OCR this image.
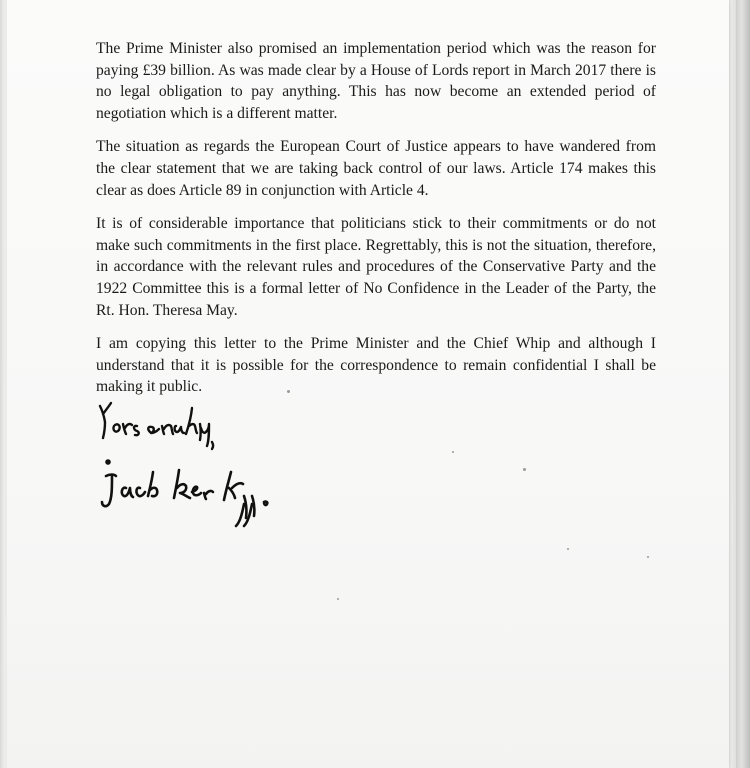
The Prime Minister also promised an implementation period which was the reason for paying £39 billion. As was made clear by a House of Lords report in March 2017 there is no legal obligation to pay anything. This has now become an extended period of negotiation which is a different matter.

The situation as regards the European Court of Justice appears to have wandered from the clear statement that we are taking back control of our laws. Article 174 makes this clear as does Article 89 in conjunction with Article 4.

It is of considerable importance that politicians stick to their commitments or do not make such commitments in the first place. Regrettably, this is not the situation, therefore, in accordance with the relevant rules and procedures of the Conservative Party and the 1922 Committee this is a formal letter of No Confidence in the Leader of the Party, the Rt. Hon. Theresa May.

I am copying this letter to the Prime Minister and the Chief Whip and although I understand that it is possible for the correspondence to remain confidential I shall be making it public.
